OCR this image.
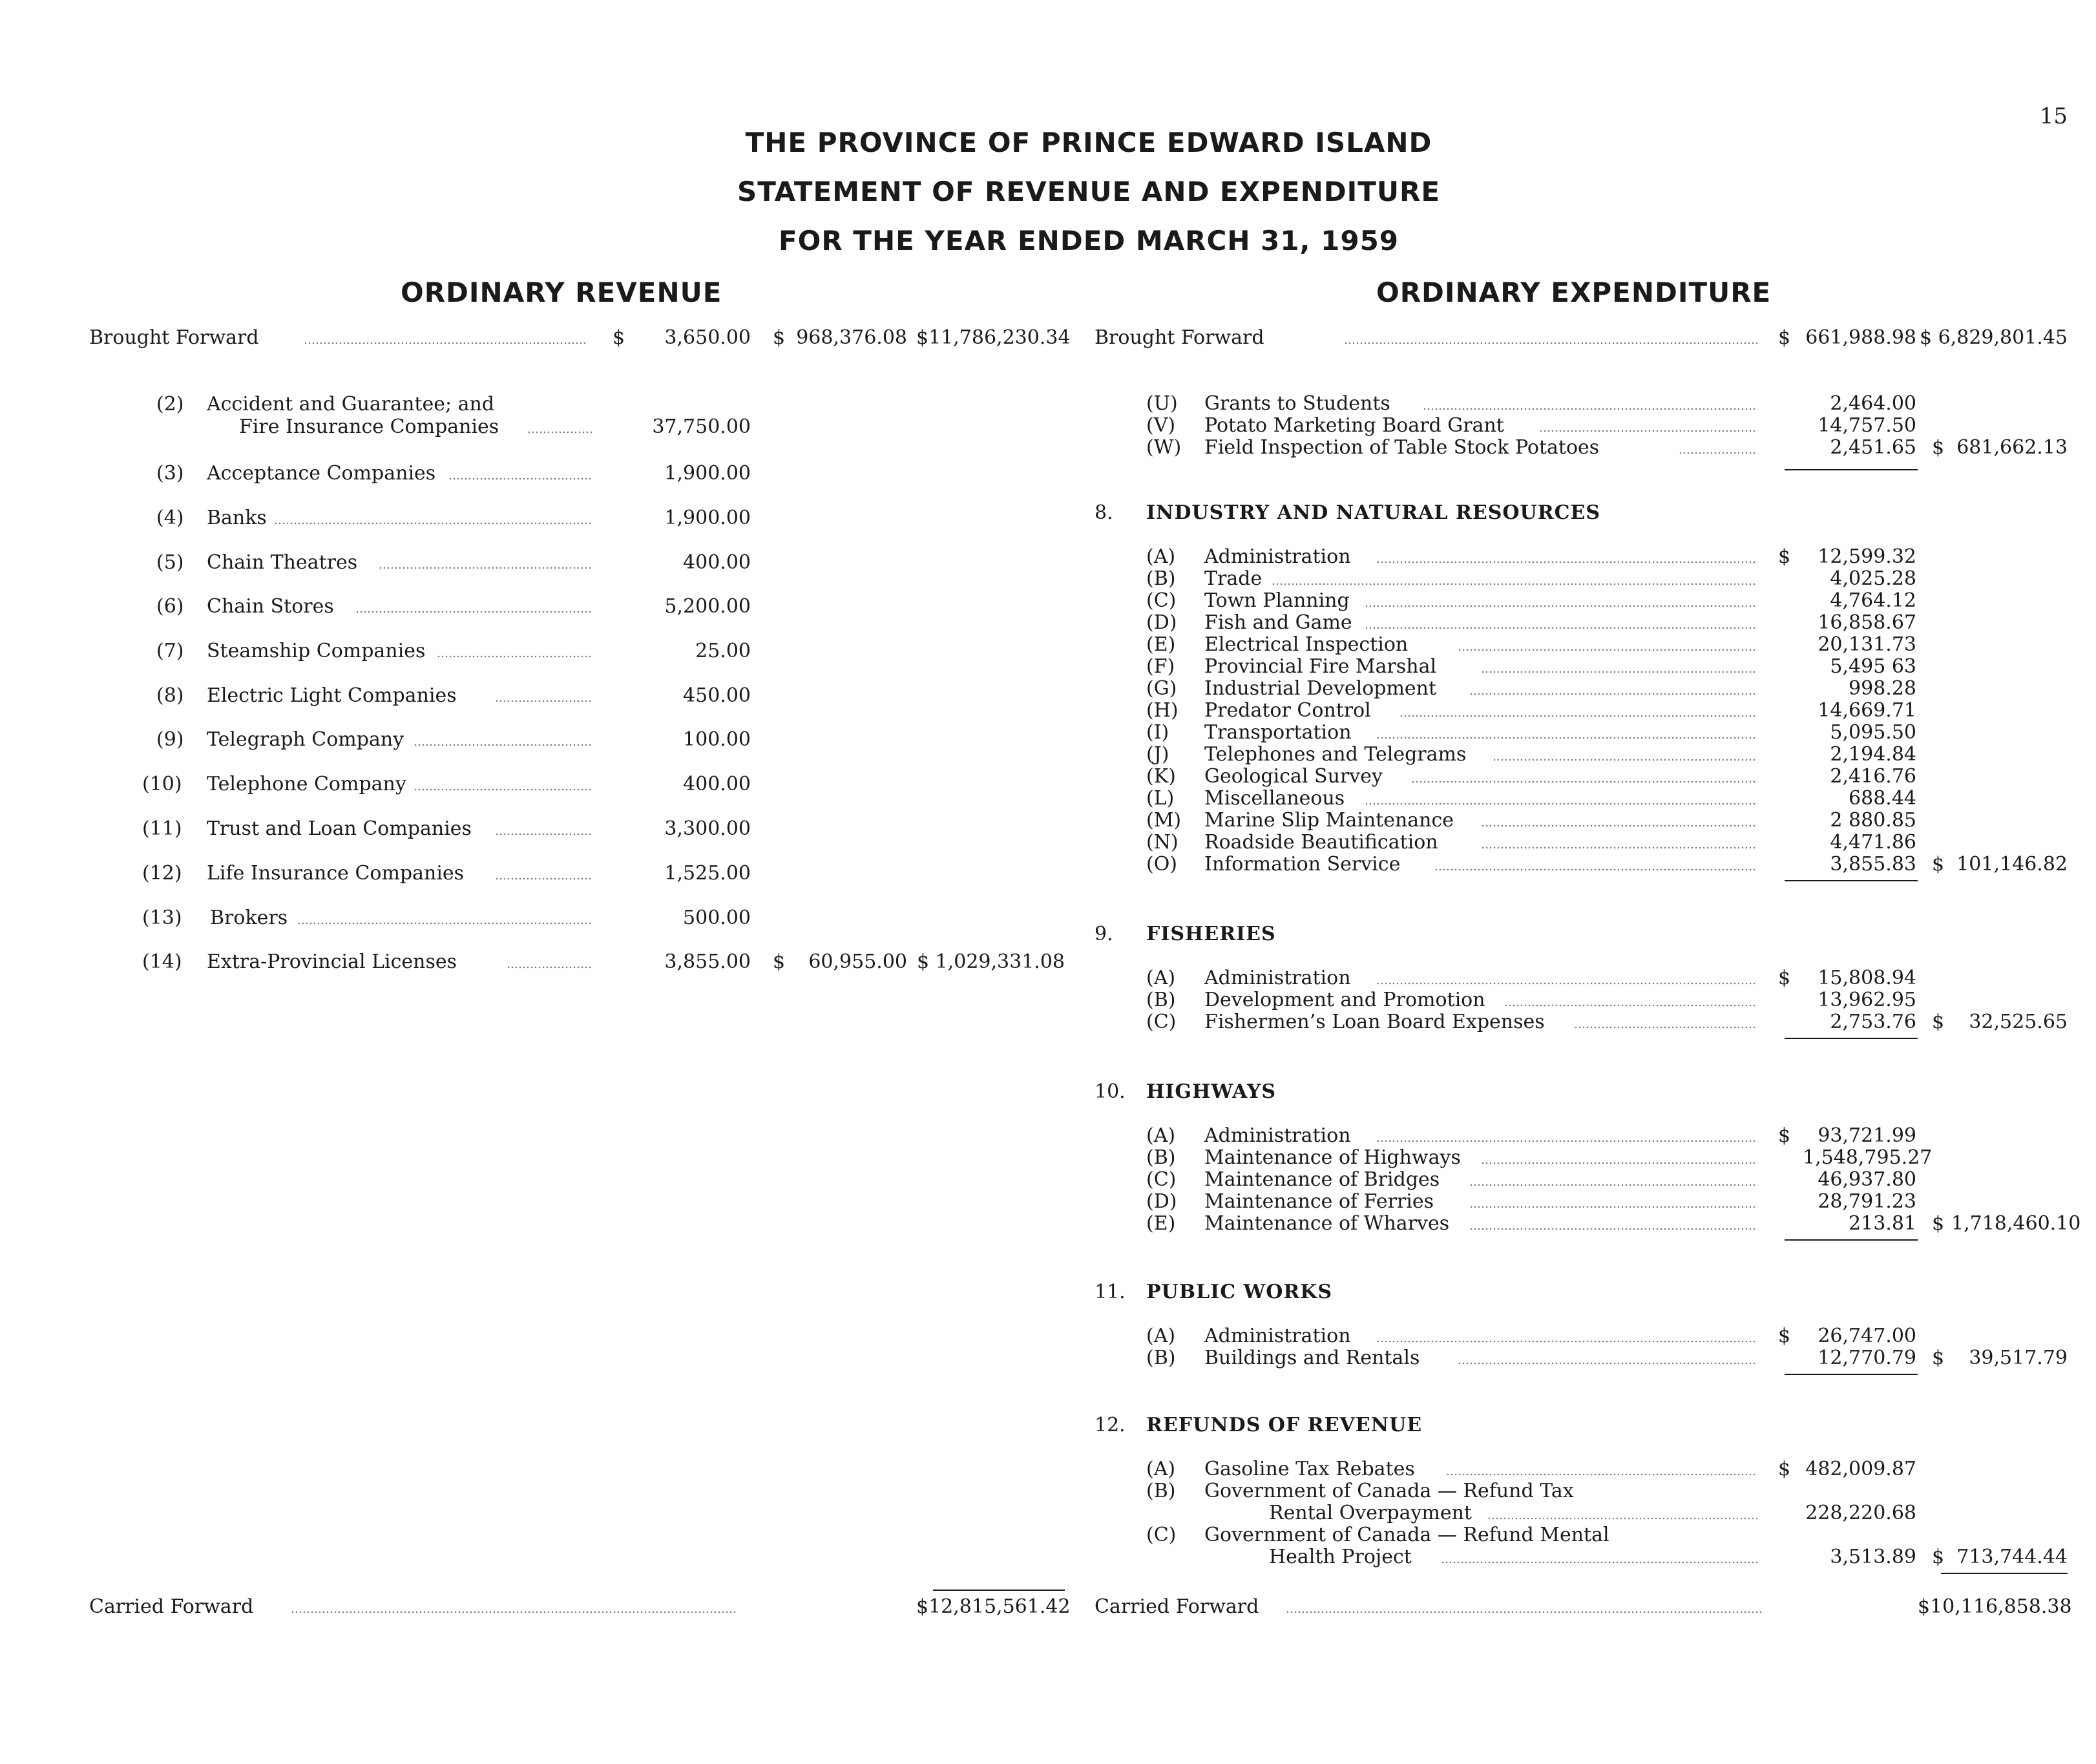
15
THE PROVINCE OF PRINCE EDWARD ISLAND
STATEMENT OF REVENUE AND EXPENDITURE
FOR THE YEAR ENDED MARCH 31, 1959
ORDINARY REVENUE	ORDINARY EXPENDITURE
Brought Forward	$	3,650.00 $ 968,376.08 $11,786,230.34
(2) Accident and Guarantee; and
Fire Insurance Companies	37,750.00
(3) Acceptance Companies	1,900.00
(4) Banks	1,900.00
(5) Chain Theatres	400.00
(6) Chain Stores	5,200.00
(7) Steamship Companies	25.00
(8) Electric Light Companies	450.00
(9) Telegraph Company	100.00
(10) Telephone Company	400.00
(11) Trust and Loan Companies	3,300.00
(12) Life Insurance Companies	1,525.00
(13) Brokers	500.00
(14) Extra-Provincial Licenses	3,855.00 $	60,955.00 $ 1,029,331.08
Carried Forward	$12,815,561.42
Brought Forward	$ 661,988.98 $ 6,829,801.45
(U) Grants to Students	2,464.00
(V) Potato Marketing Board Grant	14,757.50
(W) Field Inspection of Table Stock Potatoes	2,451.65 $ 681,662.13
8. INDUSTRY AND NATURAL RESOURCES
(A) Administration	$	12,599.32
(B) Trade	4,025.28
(C) Town Planning	4,764.12
(D) Fish and Game	16,858.67
(E) Electrical Inspection	20,131.73
(F) Provincial Fire Marshal	5,495 63
(G) Industrial Development	998.28
(H) Predator Control	14,669.71
(I) Transportation	5,095.50
(J) Telephones and Telegrams	2,194.84
(K) Geological Survey	2,416.76
(L) Miscellaneous	688.44
(M) Marine Slip Maintenance	2 880.85
(N) Roadside Beautification	4,471.86
(O) Information Service	3,855.83 $ 101,146.82
9. FISHERIES
(A) Administration	$	15,808.94
(B) Development and Promotion	13,962.95
(C) Fishermen’s Loan Board Expenses	2,753.76 $	32,525.65
10. HIGHWAYS
(A) Administration	$	93,721.99
(B) Maintenance of Highways	1,548,795.27
(C) Maintenance of Bridges	46,937.80
(D) Maintenance of Ferries	28,791.23
(E) Maintenance of Wharves	213.81 $ 1,718,460.10
11. PUBLIC WORKS
(A) Administration	$	26,747.00
(B) Buildings and Rentals	12,770.79 $	39,517.79
12. REFUNDS OF REVENUE
(A) Gasoline Tax Rebates	$ 482,009.87
(B) Government of Canada — Refund Tax
Rental Overpayment	228,220.68
(C) Government of Canada — Refund Mental
Health Project	3,513.89 $ 713,744.44
Carried Forward	$10,116,858.38
